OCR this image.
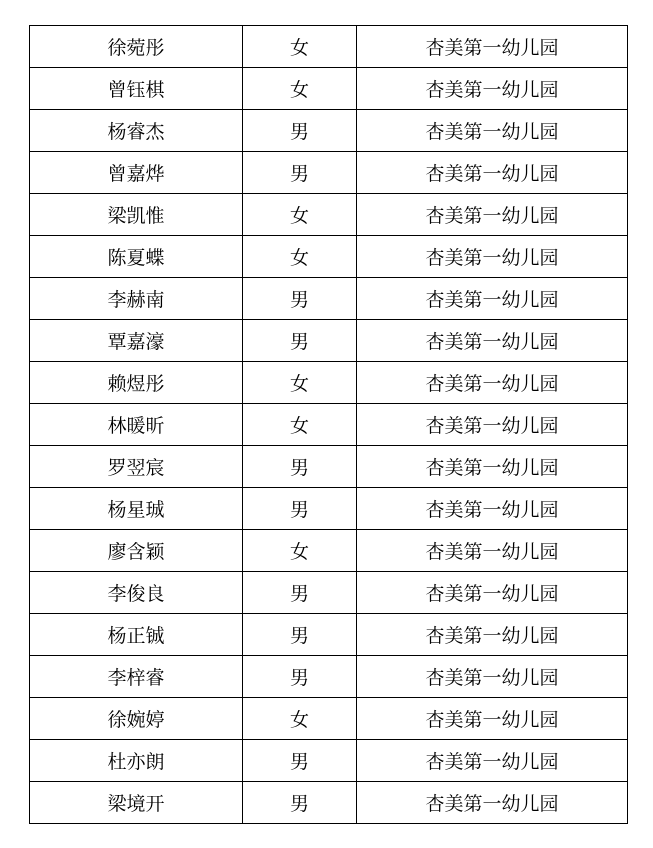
徐菀彤	女	杏美第一幼儿园
曾钰棋	女	杏美第一幼儿园
杨睿杰	男	杏美第一幼儿园
曾嘉烨	男	杏美第一幼儿园
梁凯惟	女	杏美第一幼儿园
陈夏蝶	女	杏美第一幼儿园
李赫南	男	杏美第一幼儿园
覃嘉濠	男	杏美第一幼儿园
赖煜彤	女	杏美第一幼儿园
林暖昕	女	杏美第一幼儿园
罗翌宸	男	杏美第一幼儿园
杨星珹	男	杏美第一幼儿园
廖含颖	女	杏美第一幼儿园
李俊良	男	杏美第一幼儿园
杨正铖	男	杏美第一幼儿园
李梓睿	男	杏美第一幼儿园
徐婉婷	女	杏美第一幼儿园
杜亦朗	男	杏美第一幼儿园
梁境开	男	杏美第一幼儿园
